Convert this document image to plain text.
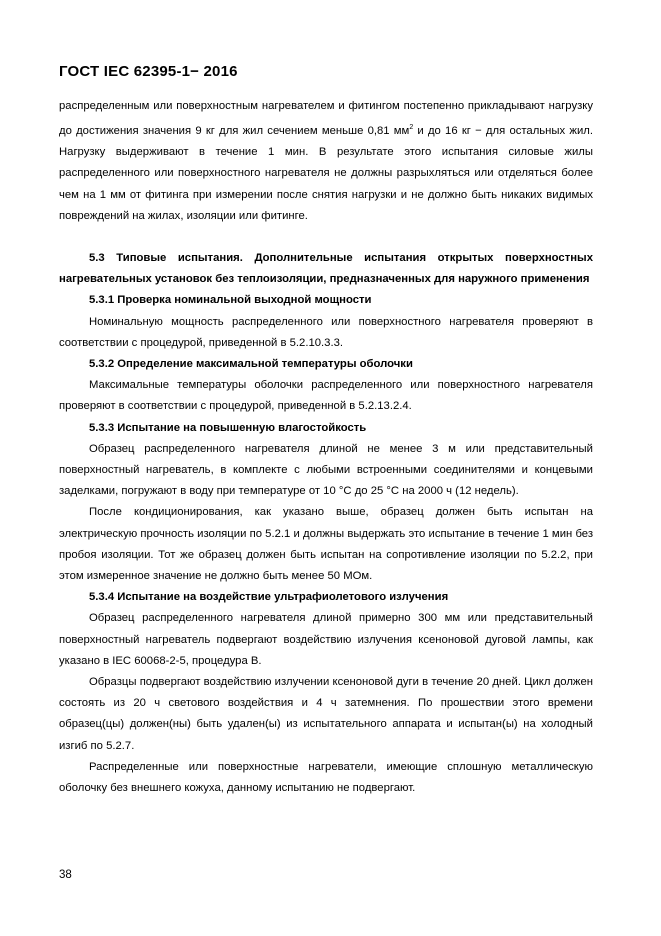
ГОСТ IEC 62395-1− 2016

распределенным или поверхностным нагревателем и фитингом постепенно прикладывают нагрузку до достижения значения 9 кг для жил сечением меньше 0,81 $мм^2$ и до 16 кг − для остальных жил. Нагрузку выдерживают в течение 1 мин. В результате этого испытания силовые жилы распределенного или поверхностного нагревателя не должны разрыхляться или отделяться более чем на 1 мм от фитинга при измерении после снятия нагрузки и не должно быть никаких видимых повреждений на жилах, изоляции или фитинге.

5.3 Типовые испытания. Дополнительные испытания открытых поверхностных нагревательных установок без теплоизоляции, предназначенных для наружного применения

5.3.1 Проверка номинальной выходной мощности

Номинальную мощность распределенного или поверхностного нагревателя проверяют в соответствии с процедурой, приведенной в 5.2.10.3.3.

5.3.2 Определение максимальной температуры оболочки

Максимальные температуры оболочки распределенного или поверхностного нагревателя проверяют в соответствии с процедурой, приведенной в 5.2.13.2.4.

5.3.3 Испытание на повышенную влагостойкость

Образец распределенного нагревателя длиной не менее 3 м или представительный поверхностный нагреватель, в комплекте с любыми встроенными соединителями и концевыми заделками, погружают в воду при температуре от 10 °С до 25 °С на 2000 ч (12 недель).

После кондиционирования, как указано выше, образец должен быть испытан на электрическую прочность изоляции по 5.2.1 и должны выдержать это испытание в течение 1 мин без пробоя изоляции. Тот же образец должен быть испытан на сопротивление изоляции по 5.2.2, при этом измеренное значение не должно быть менее 50 МОм.

5.3.4 Испытание на воздействие ультрафиолетового излучения

Образец распределенного нагревателя длиной примерно 300 мм или представительный поверхностный нагреватель подвергают воздействию излучения ксеноновой дуговой лампы, как указано в IEC 60068-2-5, процедура B.

Образцы подвергают воздействию излучении ксеноновой дуги в течение 20 дней. Цикл должен состоять из 20 ч светового воздействия и 4 ч затемнения. По прошествии этого времени образец(цы) должен(ны) быть удален(ы) из испытательного аппарата и испытан(ы) на холодный изгиб по 5.2.7.

Распределенные или поверхностные нагреватели, имеющие сплошную металлическую оболочку без внешнего кожуха, данному испытанию не подвергают.

38
